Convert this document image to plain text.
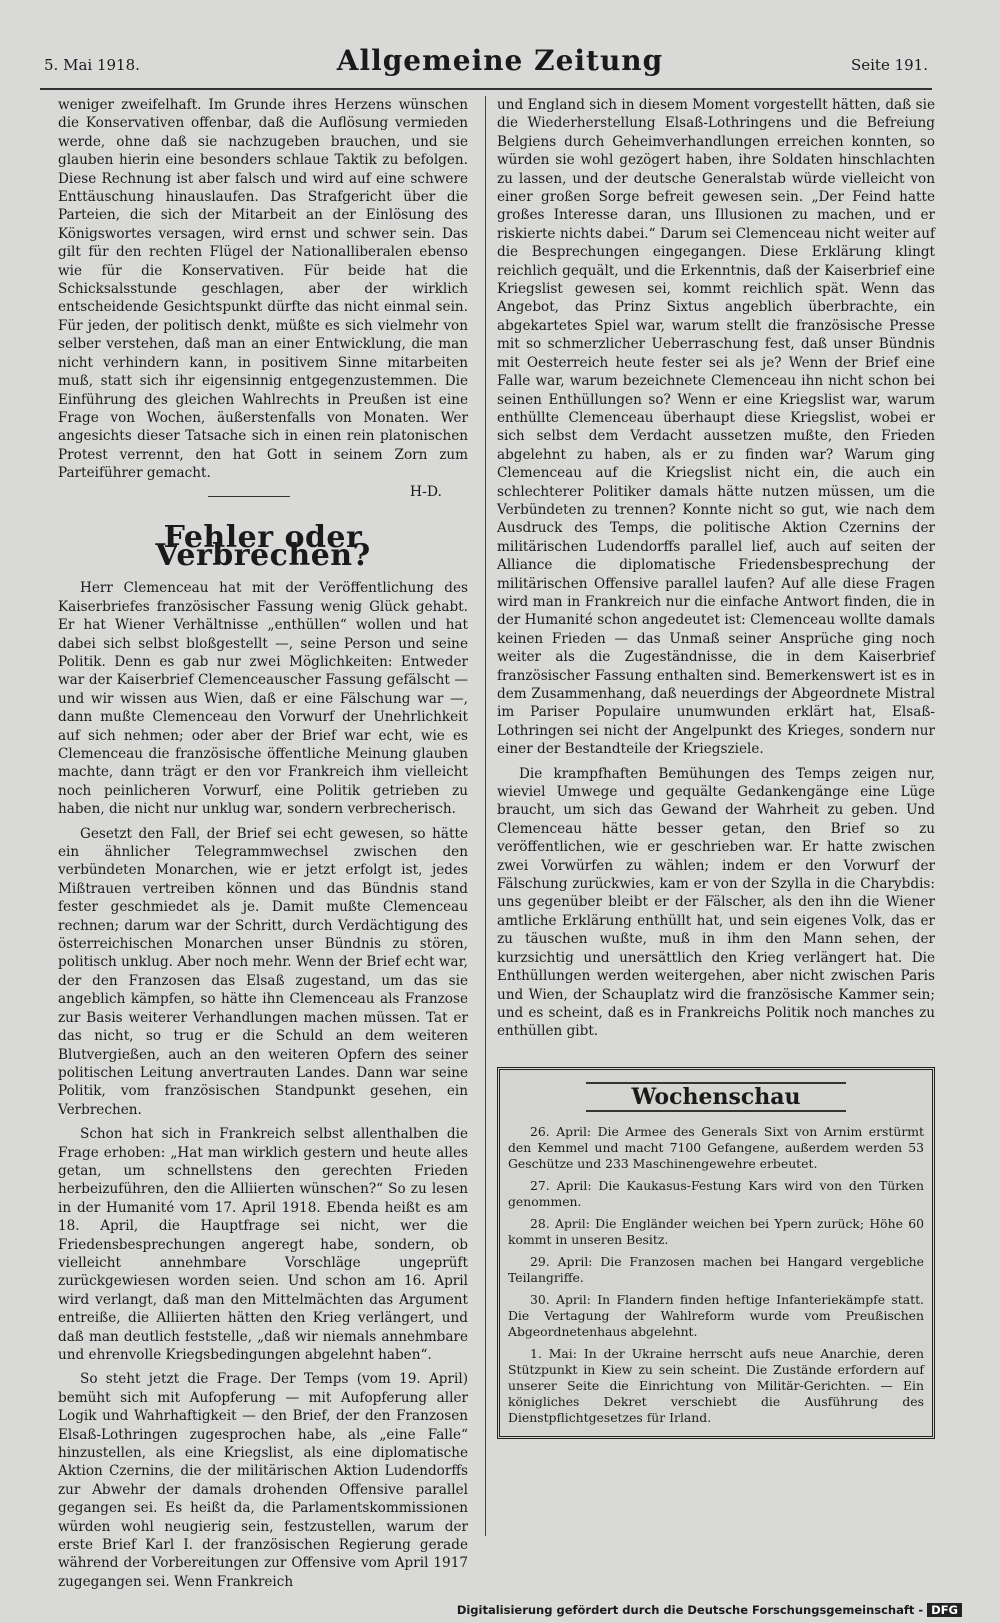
5. Mai 1918.	Allgemeine Zeitung	Seite 191.

weniger zweifelhaft. Im Grunde ihres Herzens wünschen die Konservativen offenbar, daß die Auflösung vermieden werde, ohne daß sie nachzugeben brauchen, und sie glauben hierin eine besonders schlaue Taktik zu befolgen. Diese Rechnung ist aber falsch und wird auf eine schwere Enttäuschung hinauslaufen. Das Strafgericht über die Parteien, die sich der Mitarbeit an der Einlösung des Königswortes versagen, wird ernst und schwer sein. Das gilt für den rechten Flügel der Nationalliberalen ebenso wie für die Konservativen. Für beide hat die Schicksalsstunde geschlagen, aber der wirklich entscheidende Gesichtspunkt dürfte das nicht einmal sein. Für jeden, der politisch denkt, müßte es sich vielmehr von selber verstehen, daß man an einer Entwicklung, die man nicht verhindern kann, in positivem Sinne mitarbeiten muß, statt sich ihr eigensinnig entgegenzustemmen. Die Einführung des gleichen Wahlrechts in Preußen ist eine Frage von Wochen, äußerstenfalls von Monaten. Wer angesichts dieser Tatsache sich in einen rein platonischen Protest verrennt, den hat Gott in seinem Zorn zum Parteiführer gemacht.

H-D.
Fehler oder Verbrechen?

Herr Clemenceau hat mit der Veröffentlichung des Kaiserbriefes französischer Fassung wenig Glück gehabt. Er hat Wiener Verhältnisse „enthüllen“ wollen und hat dabei sich selbst bloßgestellt —, seine Person und seine Politik. Denn es gab nur zwei Möglichkeiten: Entweder war der Kaiserbrief Clemenceauscher Fassung gefälscht — und wir wissen aus Wien, daß er eine Fälschung war —, dann mußte Clemenceau den Vorwurf der Unehrlichkeit auf sich nehmen; oder aber der Brief war echt, wie es Clemenceau die französische öffentliche Meinung glauben machte, dann trägt er den vor Frankreich ihm vielleicht noch peinlicheren Vorwurf, eine Politik getrieben zu haben, die nicht nur unklug war, sondern verbrecherisch.

Gesetzt den Fall, der Brief sei echt gewesen, so hätte ein ähnlicher Telegrammwechsel zwischen den verbündeten Monarchen, wie er jetzt erfolgt ist, jedes Mißtrauen vertreiben können und das Bündnis stand fester geschmiedet als je. Damit mußte Clemenceau rechnen; darum war der Schritt, durch Verdächtigung des österreichischen Monarchen unser Bündnis zu stören, politisch unklug. Aber noch mehr. Wenn der Brief echt war, der den Franzosen das Elsaß zugestand, um das sie angeblich kämpfen, so hätte ihn Clemenceau als Franzose zur Basis weiterer Verhandlungen machen müssen. Tat er das nicht, so trug er die Schuld an dem weiteren Blutvergießen, auch an den weiteren Opfern des seiner politischen Leitung anvertrauten Landes. Dann war seine Politik, vom französischen Standpunkt gesehen, ein Verbrechen.

Schon hat sich in Frankreich selbst allenthalben die Frage erhoben: „Hat man wirklich gestern und heute alles getan, um schnellstens den gerechten Frieden herbeizuführen, den die Alliierten wünschen?“ So zu lesen in der Humanité vom 17. April 1918. Ebenda heißt es am 18. April, die Hauptfrage sei nicht, wer die Friedensbesprechungen angeregt habe, sondern, ob vielleicht annehmbare Vorschläge ungeprüft zurückgewiesen worden seien. Und schon am 16. April wird verlangt, daß man den Mittelmächten das Argument entreiße, die Alliierten hätten den Krieg verlängert, und daß man deutlich feststelle, „daß wir niemals annehmbare und ehrenvolle Kriegsbedingungen abgelehnt haben“.

So steht jetzt die Frage. Der Temps (vom 19. April) bemüht sich mit Aufopferung — mit Aufopferung aller Logik und Wahrhaftigkeit — den Brief, der den Franzosen Elsaß-Lothringen zugesprochen habe, als „eine Falle“ hinzustellen, als eine Kriegslist, als eine diplomatische Aktion Czernins, die der militärischen Aktion Ludendorffs zur Abwehr der damals drohenden Offensive parallel gegangen sei. Es heißt da, die Parlamentskommissionen würden wohl neugierig sein, festzustellen, warum der erste Brief Karl I. der französischen Regierung gerade während der Vorbereitungen zur Offensive vom April 1917 zugegangen sei. Wenn Frankreich

und England sich in diesem Moment vorgestellt hätten, daß sie die Wiederherstellung Elsaß-Lothringens und die Befreiung Belgiens durch Geheimverhandlungen erreichen konnten, so würden sie wohl gezögert haben, ihre Soldaten hinschlachten zu lassen, und der deutsche Generalstab würde vielleicht von einer großen Sorge befreit gewesen sein. „Der Feind hatte großes Interesse daran, uns Illusionen zu machen, und er riskierte nichts dabei.“ Darum sei Clemenceau nicht weiter auf die Besprechungen eingegangen. Diese Erklärung klingt reichlich gequält, und die Erkenntnis, daß der Kaiserbrief eine Kriegslist gewesen sei, kommt reichlich spät. Wenn das Angebot, das Prinz Sixtus angeblich überbrachte, ein abgekartetes Spiel war, warum stellt die französische Presse mit so schmerzlicher Ueberraschung fest, daß unser Bündnis mit Oesterreich heute fester sei als je? Wenn der Brief eine Falle war, warum bezeichnete Clemenceau ihn nicht schon bei seinen Enthüllungen so? Wenn er eine Kriegslist war, warum enthüllte Clemenceau überhaupt diese Kriegslist, wobei er sich selbst dem Verdacht aussetzen mußte, den Frieden abgelehnt zu haben, als er zu finden war? Warum ging Clemenceau auf die Kriegslist nicht ein, die auch ein schlechterer Politiker damals hätte nutzen müssen, um die Verbündeten zu trennen? Konnte nicht so gut, wie nach dem Ausdruck des Temps, die politische Aktion Czernins der militärischen Ludendorffs parallel lief, auch auf seiten der Alliance die diplomatische Friedensbesprechung der militärischen Offensive parallel laufen? Auf alle diese Fragen wird man in Frankreich nur die einfache Antwort finden, die in der Humanité schon angedeutet ist: Clemenceau wollte damals keinen Frieden — das Unmaß seiner Ansprüche ging noch weiter als die Zugeständnisse, die in dem Kaiserbrief französischer Fassung enthalten sind. Bemerkenswert ist es in dem Zusammenhang, daß neuerdings der Abgeordnete Mistral im Pariser Populaire unumwunden erklärt hat, Elsaß-Lothringen sei nicht der Angelpunkt des Krieges, sondern nur einer der Bestandteile der Kriegsziele.

Die krampfhaften Bemühungen des Temps zeigen nur, wieviel Umwege und gequälte Gedankengänge eine Lüge braucht, um sich das Gewand der Wahrheit zu geben. Und Clemenceau hätte besser getan, den Brief so zu veröffentlichen, wie er geschrieben war. Er hatte zwischen zwei Vorwürfen zu wählen; indem er den Vorwurf der Fälschung zurückwies, kam er von der Szylla in die Charybdis: uns gegenüber bleibt er der Fälscher, als den ihn die Wiener amtliche Erklärung enthüllt hat, und sein eigenes Volk, das er zu täuschen wußte, muß in ihm den Mann sehen, der kurzsichtig und unersättlich den Krieg verlängert hat. Die Enthüllungen werden weitergehen, aber nicht zwischen Paris und Wien, der Schauplatz wird die französische Kammer sein; und es scheint, daß es in Frankreichs Politik noch manches zu enthüllen gibt.

Wochenschau

26. April: Die Armee des Generals Sixt von Arnim erstürmt den Kemmel und macht 7100 Gefangene, außerdem werden 53 Geschütze und 233 Maschinengewehre erbeutet.

27. April: Die Kaukasus-Festung Kars wird von den Türken genommen.

28. April: Die Engländer weichen bei Ypern zurück; Höhe 60 kommt in unseren Besitz.

29. April: Die Franzosen machen bei Hangard vergebliche Teilangriffe.

30. April: In Flandern finden heftige Infanteriekämpfe statt. Die Vertagung der Wahlreform wurde vom Preußischen Abgeordnetenhaus abgelehnt.

1. Mai: In der Ukraine herrscht aufs neue Anarchie, deren Stützpunkt in Kiew zu sein scheint. Die Zustände erfordern auf unserer Seite die Einrichtung von Militär-Gerichten. — Ein königliches Dekret verschiebt die Ausführung des Dienstpflichtgesetzes für Irland.

Digitalisierung gefördert durch die Deutsche Forschungsgemeinschaft - DFG
